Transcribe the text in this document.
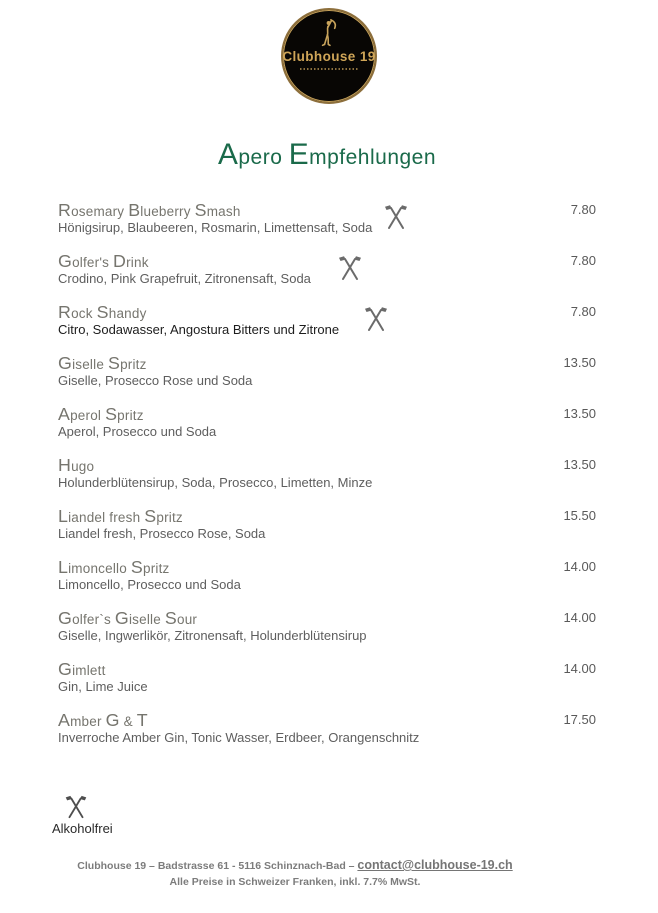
Clubhouse 19
Apero Empfehlungen
Rosemary Blueberry Smash
Hönigsirup, Blaubeeren, Rosmarin, Limettensaft, Soda
7.80
Golfer's Drink
Crodino, Pink Grapefruit, Zitronensaft, Soda
7.80
Rock Shandy
Citro, Sodawasser, Angostura Bitters und Zitrone
7.80
Giselle Spritz
Giselle, Prosecco Rose und Soda
13.50
Aperol Spritz
Aperol, Prosecco und Soda
13.50
Hugo
Holunderblütensirup, Soda, Prosecco, Limetten, Minze
13.50
Liandel fresh Spritz
Liandel fresh, Prosecco Rose, Soda
15.50
Limoncello Spritz
Limoncello, Prosecco und Soda
14.00
Golfer`s Giselle Sour
Giselle, Ingwerlikör, Zitronensaft, Holunderblütensirup
14.00
Gimlett
Gin, Lime Juice
14.00
Amber G & T
Inverroche Amber Gin, Tonic Wasser, Erdbeer, Orangenschnitz
17.50
Alkoholfrei
Clubhouse 19 – Badstrasse 61 - 5116 Schinznach-Bad – contact@clubhouse-19.ch
Alle Preise in Schweizer Franken, inkl. 7.7% MwSt.
